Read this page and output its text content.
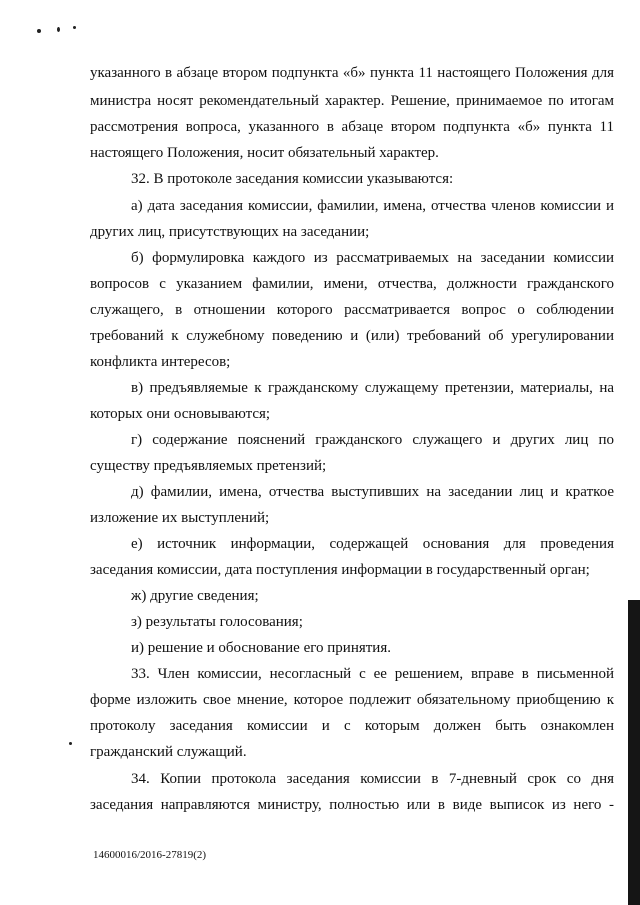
указанного в абзаце втором подпункта «б» пункта 11 настоящего Положения для
министра носят рекомендательный характер. Решение, принимаемое по итогам
рассмотрения вопроса, указанного в абзаце втором подпункта «б» пункта 11
настоящего Положения, носит обязательный характер.
32. В протоколе заседания комиссии указываются:
а) дата заседания комиссии, фамилии, имена, отчества членов комиссии и
других лиц, присутствующих на заседании;
б) формулировка каждого из рассматриваемых на заседании комиссии
вопросов с указанием фамилии, имени, отчества, должности гражданского
служащего, в отношении которого рассматривается вопрос о соблюдении
требований к служебному поведению и (или) требований об урегулировании
конфликта интересов;
в) предъявляемые к гражданскому служащему претензии, материалы, на
которых они основываются;
г) содержание пояснений гражданского служащего и других лиц по
существу предъявляемых претензий;
д) фамилии, имена, отчества выступивших на заседании лиц и краткое
изложение их выступлений;
е) источник информации, содержащей основания для проведения
заседания комиссии, дата поступления информации в государственный орган;
ж) другие сведения;
з) результаты голосования;
и) решение и обоснование его принятия.
33. Член комиссии, несогласный с ее решением, вправе в письменной
форме изложить свое мнение, которое подлежит обязательному приобщению к
протоколу заседания комиссии и с которым должен быть ознакомлен
гражданский служащий.
34. Копии протокола заседания комиссии в 7-дневный срок со дня
заседания направляются министру, полностью или в виде выписок из него -
14600016/2016-27819(2)
